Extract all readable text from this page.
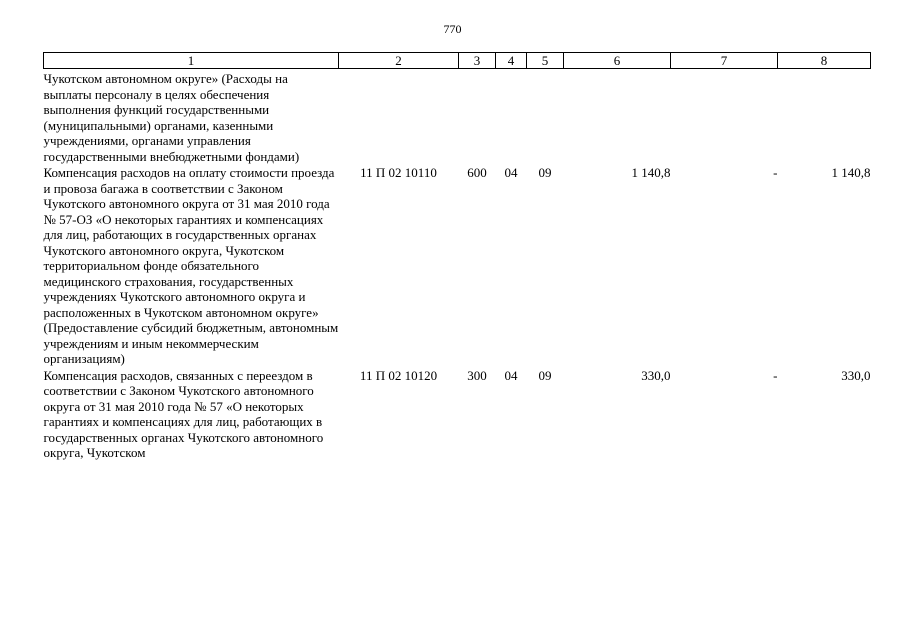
770
1	2	3	4	5	6	7	8
Чукотском автономном округе» (Расходы на выплаты персоналу в целях обеспечения выполнения функций государственными (муниципальными) органами, казенными учреждениями, органами управления государственными внебюджетными фондами)							
Компенсация расходов на оплату стоимости проезда и провоза багажа в соответствии с Законом Чукотского автономного округа от 31 мая 2010 года № 57-ОЗ «О некоторых гарантиях и компенсациях для лиц, работающих в государственных органах Чукотского автономного округа, Чукотском территориальном фонде обязательного медицинского страхования, государственных учреждениях Чукотского автономного округа и расположенных в Чукотском автономном округе» (Предоставление субсидий бюджетным, автономным учреждениям и иным некоммерческим организациям)	11 П 02 10110	600	04	09	1 140,8	-	1 140,8
Компенсация расходов, связанных с переездом в соответствии с Законом Чукотского автономного округа от 31 мая 2010 года № 57 «О некоторых гарантиях и компенсациях для лиц, работающих в государственных органах Чукотского автономного округа, Чукотском	11 П 02 10120	300	04	09	330,0	-	330,0
